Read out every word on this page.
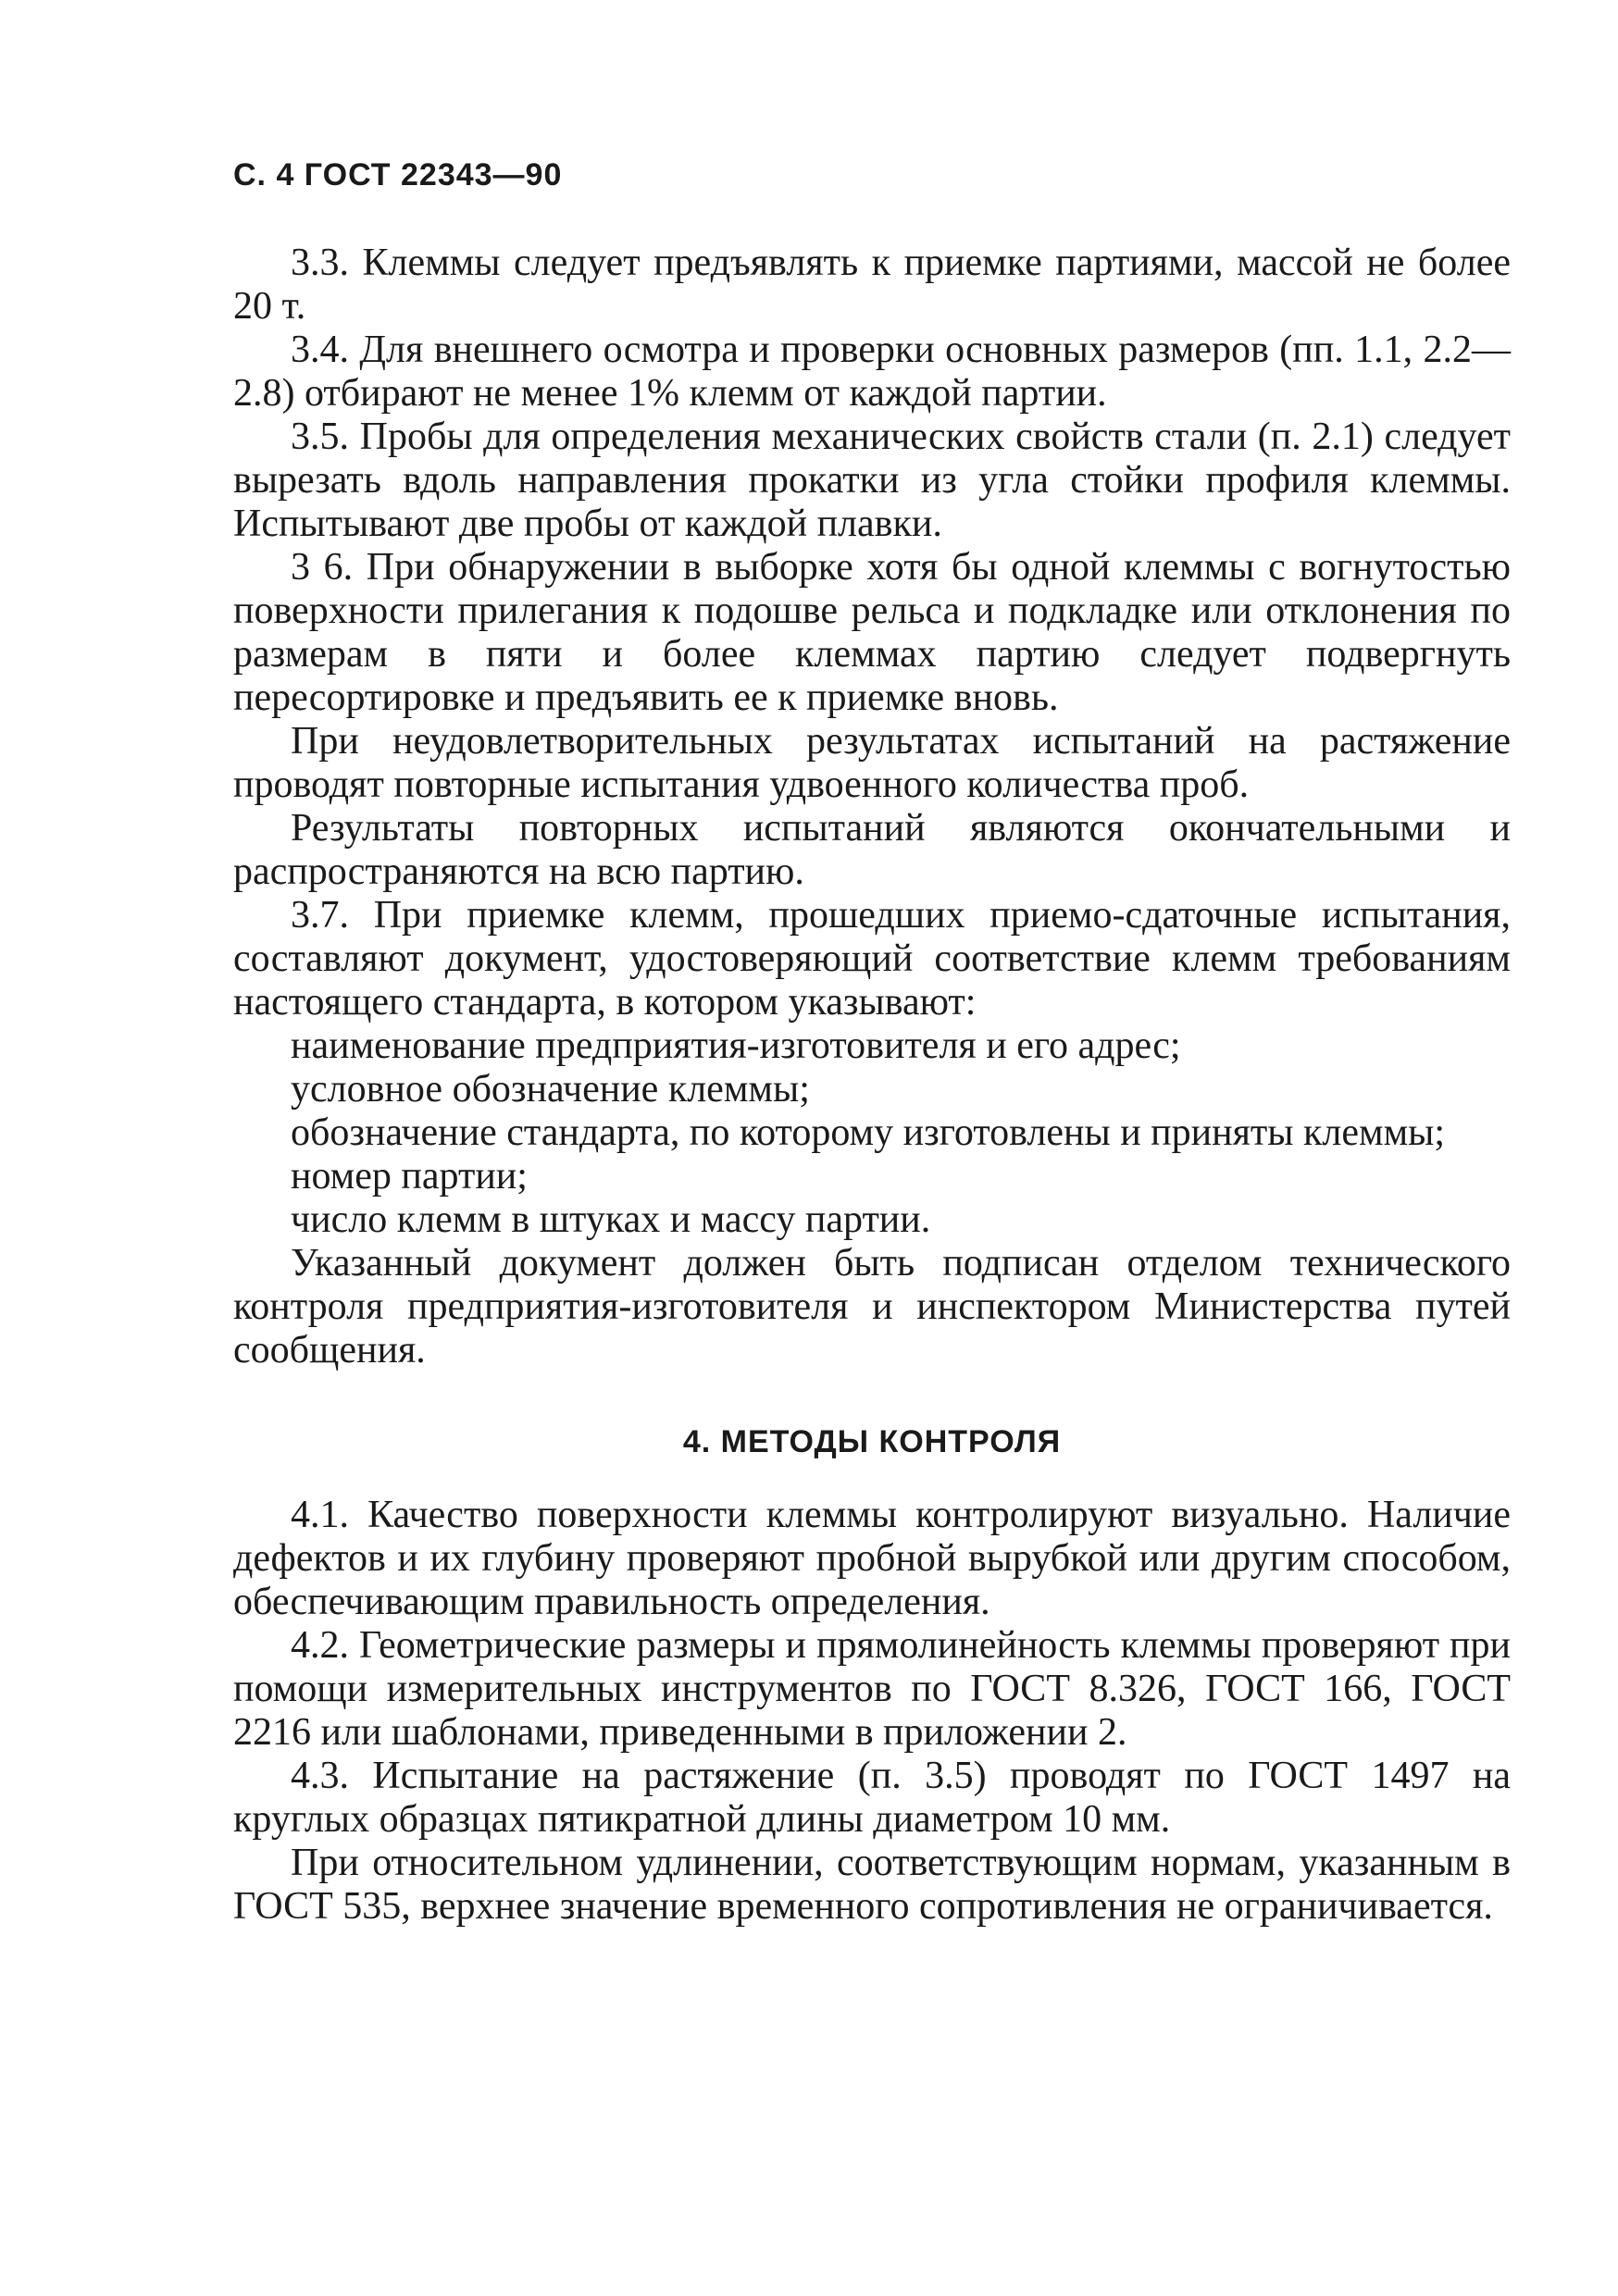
С. 4 ГОСТ 22343—90

3.3. Клеммы следует предъявлять к приемке партиями, массой не более 20 т.

3.4. Для внешнего осмотра и проверки основных размеров (пп. 1.1, 2.2—2.8) отбирают не менее 1% клемм от каждой партии.

3.5. Пробы для определения механических свойств стали (п. 2.1) следует вырезать вдоль направления прокатки из угла стойки профиля клеммы. Испытывают две пробы от каждой плавки.

3 6. При обнаружении в выборке хотя бы одной клеммы с вогнутостью поверхности прилегания к подошве рельса и подкладке или отклонения по размерам в пяти и более клеммах партию следует подвергнуть пересортировке и предъявить ее к приемке вновь.

При неудовлетворительных результатах испытаний на растяжение проводят повторные испытания удвоенного количества проб.

Результаты повторных испытаний являются окончательными и распространяются на всю партию.

3.7. При приемке клемм, прошедших приемо-сдаточные испытания, составляют документ, удостоверяющий соответствие клемм требованиям настоящего стандарта, в котором указывают:

наименование предприятия-изготовителя и его адрес;

условное обозначение клеммы;

обозначение стандарта, по которому изготовлены и приняты клеммы;

номер партии;

число клемм в штуках и массу партии.

Указанный документ должен быть подписан отделом технического контроля предприятия-изготовителя и инспектором Министерства путей сообщения.

4. МЕТОДЫ КОНТРОЛЯ

4.1. Качество поверхности клеммы контролируют визуально. Наличие дефектов и их глубину проверяют пробной вырубкой или другим способом, обеспечивающим правильность определения.

4.2. Геометрические размеры и прямолинейность клеммы проверяют при помощи измерительных инструментов по ГОСТ 8.326, ГОСТ 166, ГОСТ 2216 или шаблонами, приведенными в приложении 2.

4.3. Испытание на растяжение (п. 3.5) проводят по ГОСТ 1497 на круглых образцах пятикратной длины диаметром 10 мм.

При относительном удлинении, соответствующим нормам, указанным в ГОСТ 535, верхнее значение временного сопротивления не ограничивается.
